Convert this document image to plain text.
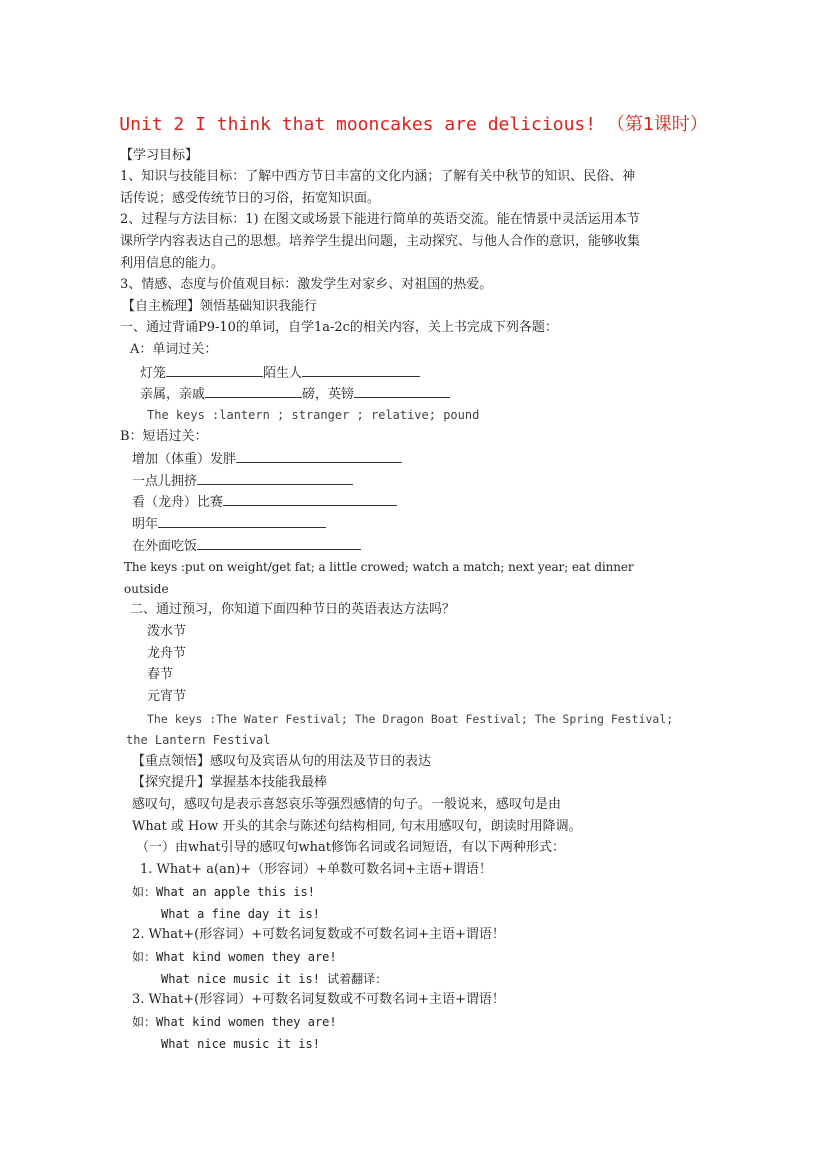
Unit 2 I think that mooncakes are delicious! （第1课时）
【学习目标】
1、知识与技能目标：了解中西方节日丰富的文化内涵；了解有关中秋节的知识、民俗、神
话传说；感受传统节日的习俗，拓宽知识面。
2、过程与方法目标：1) 在图文或场景下能进行简单的英语交流。能在情景中灵活运用本节
课所学内容表达自己的思想。培养学生提出问题，主动探究、与他人合作的意识，能够收集
利用信息的能力。
3、情感、态度与价值观目标：激发学生对家乡、对祖国的热爱。
【自主梳理】领悟基础知识我能行
一、通过背诵P9-10的单词，自学1a-2c的相关内容，关上书完成下列各题：
A：单词过关：
灯笼	陌生人
亲属，亲戚	磅，英镑
The keys :lantern ; stranger ; relative; pound
B：短语过关：
增加（体重）发胖
一点儿拥挤
看（龙舟）比赛
明年
在外面吃饭
The keys :put on weight/get fat; a little crowed; watch a match; next year; eat dinner
outside
二、通过预习，你知道下面四种节日的英语表达方法吗？
泼水节
龙舟节
春节
元宵节
The keys :The Water Festival; The Dragon Boat Festival; The Spring Festival;
the Lantern Festival
【重点领悟】感叹句及宾语从句的用法及节日的表达
【探究提升】掌握基本技能我最棒
感叹句，感叹句是表示喜怒哀乐等强烈感情的句子。一般说来，感叹句是由
What 或 How 开头的其余与陈述句结构相同, 句末用感叹句，朗读时用降调。
（一）由what引导的感叹句what修饰名词或名词短语，有以下两种形式：
1. What+ a(an)+（形容词）+单数可数名词+主语+谓语！
如：What an apple this is!
What a fine day it is!
2. What+(形容词）+可数名词复数或不可数名词+主语+谓语！
如：What kind women they are!
What nice music it is! 试着翻译：
3. What+(形容词）+可数名词复数或不可数名词+主语+谓语！
如：What kind women they are!
What nice music it is!
